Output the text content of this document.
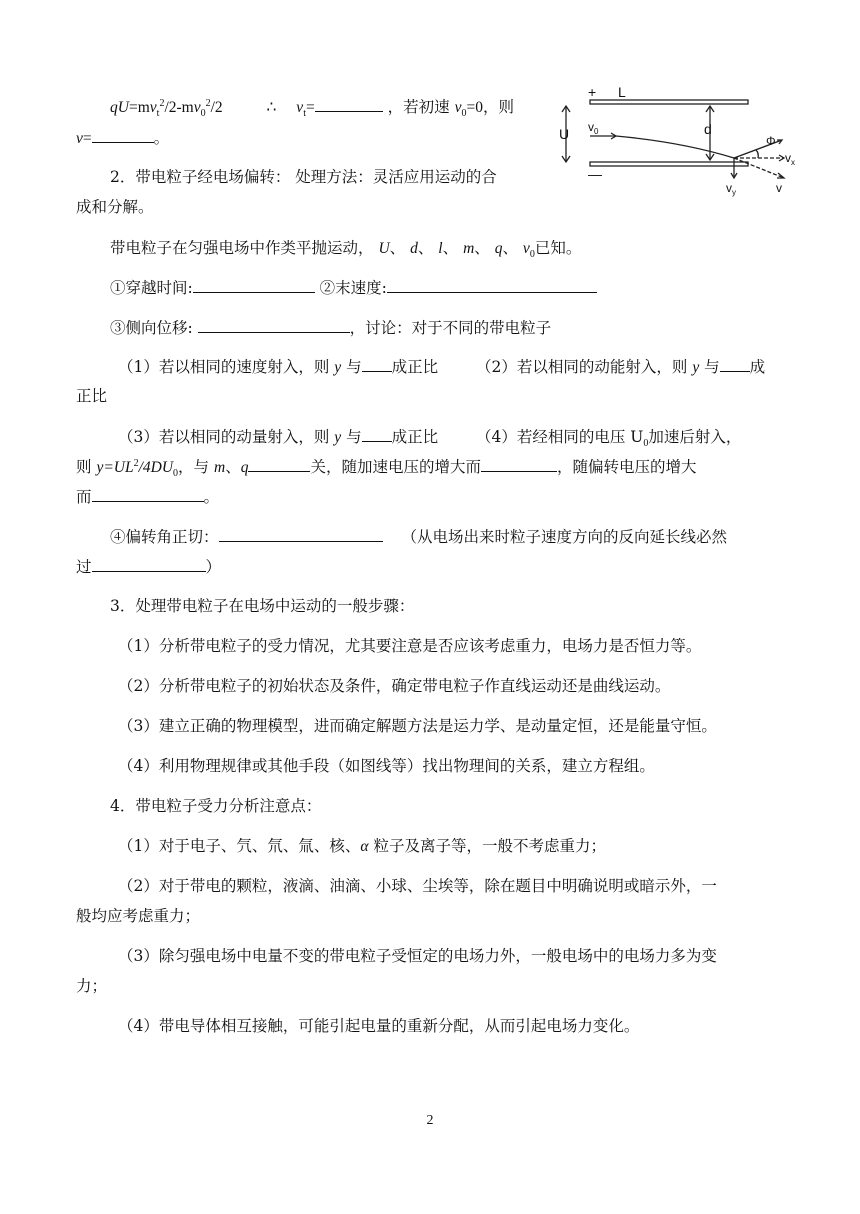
+ L
—
U	d
$v_0$
Φ
$v_x$
$v_y$	v
$qU=mv_t^2/2-mv_0^2/2$	∴ $v_t=$	，若初速 $v_0=0$，则
v=	。
2．带电粒子经电场偏转： 处理方法：灵活应用运动的合
成和分解。
带电粒子在匀强电场中作类平抛运动， U、 d、 l、 m、 q、 $v_0$已知。
①穿越时间:	②末速度:
③侧向位移:	，讨论：对于不同的带电粒子
（1）若以相同的速度射入，则 y 与 成正比 （2）若以相同的动能射入，则 y 与 成
正比
（3）若以相同的动量射入，则 y 与 成正比 （4）若经相同的电压 $U_0$加速后射入，
则 $y=UL^2/4DU_0$，与 m、q	关，随加速电压的增大而	，随偏转电压的增大
而	。
④偏转角正切：	（从电场出来时粒子速度方向的反向延长线必然
过	）
3．处理带电粒子在电场中运动的一般步骤：
（1）分析带电粒子的受力情况，尤其要注意是否应该考虑重力，电场力是否恒力等。
（2）分析带电粒子的初始状态及条件，确定带电粒子作直线运动还是曲线运动。
（3）建立正确的物理模型，进而确定解题方法是运力学、是动量定恒，还是能量守恒。
（4）利用物理规律或其他手段（如图线等）找出物理间的关系，建立方程组。
4．带电粒子受力分析注意点：
（1）对于电子、氕、氘、氚、核、α 粒子及离子等，一般不考虑重力；
（2）对于带电的颗粒，液滴、油滴、小球、尘埃等，除在题目中明确说明或暗示外，一
般均应考虑重力；
（3）除匀强电场中电量不变的带电粒子受恒定的电场力外，一般电场中的电场力多为变
力；
（4）带电导体相互接触，可能引起电量的重新分配，从而引起电场力变化。
2
